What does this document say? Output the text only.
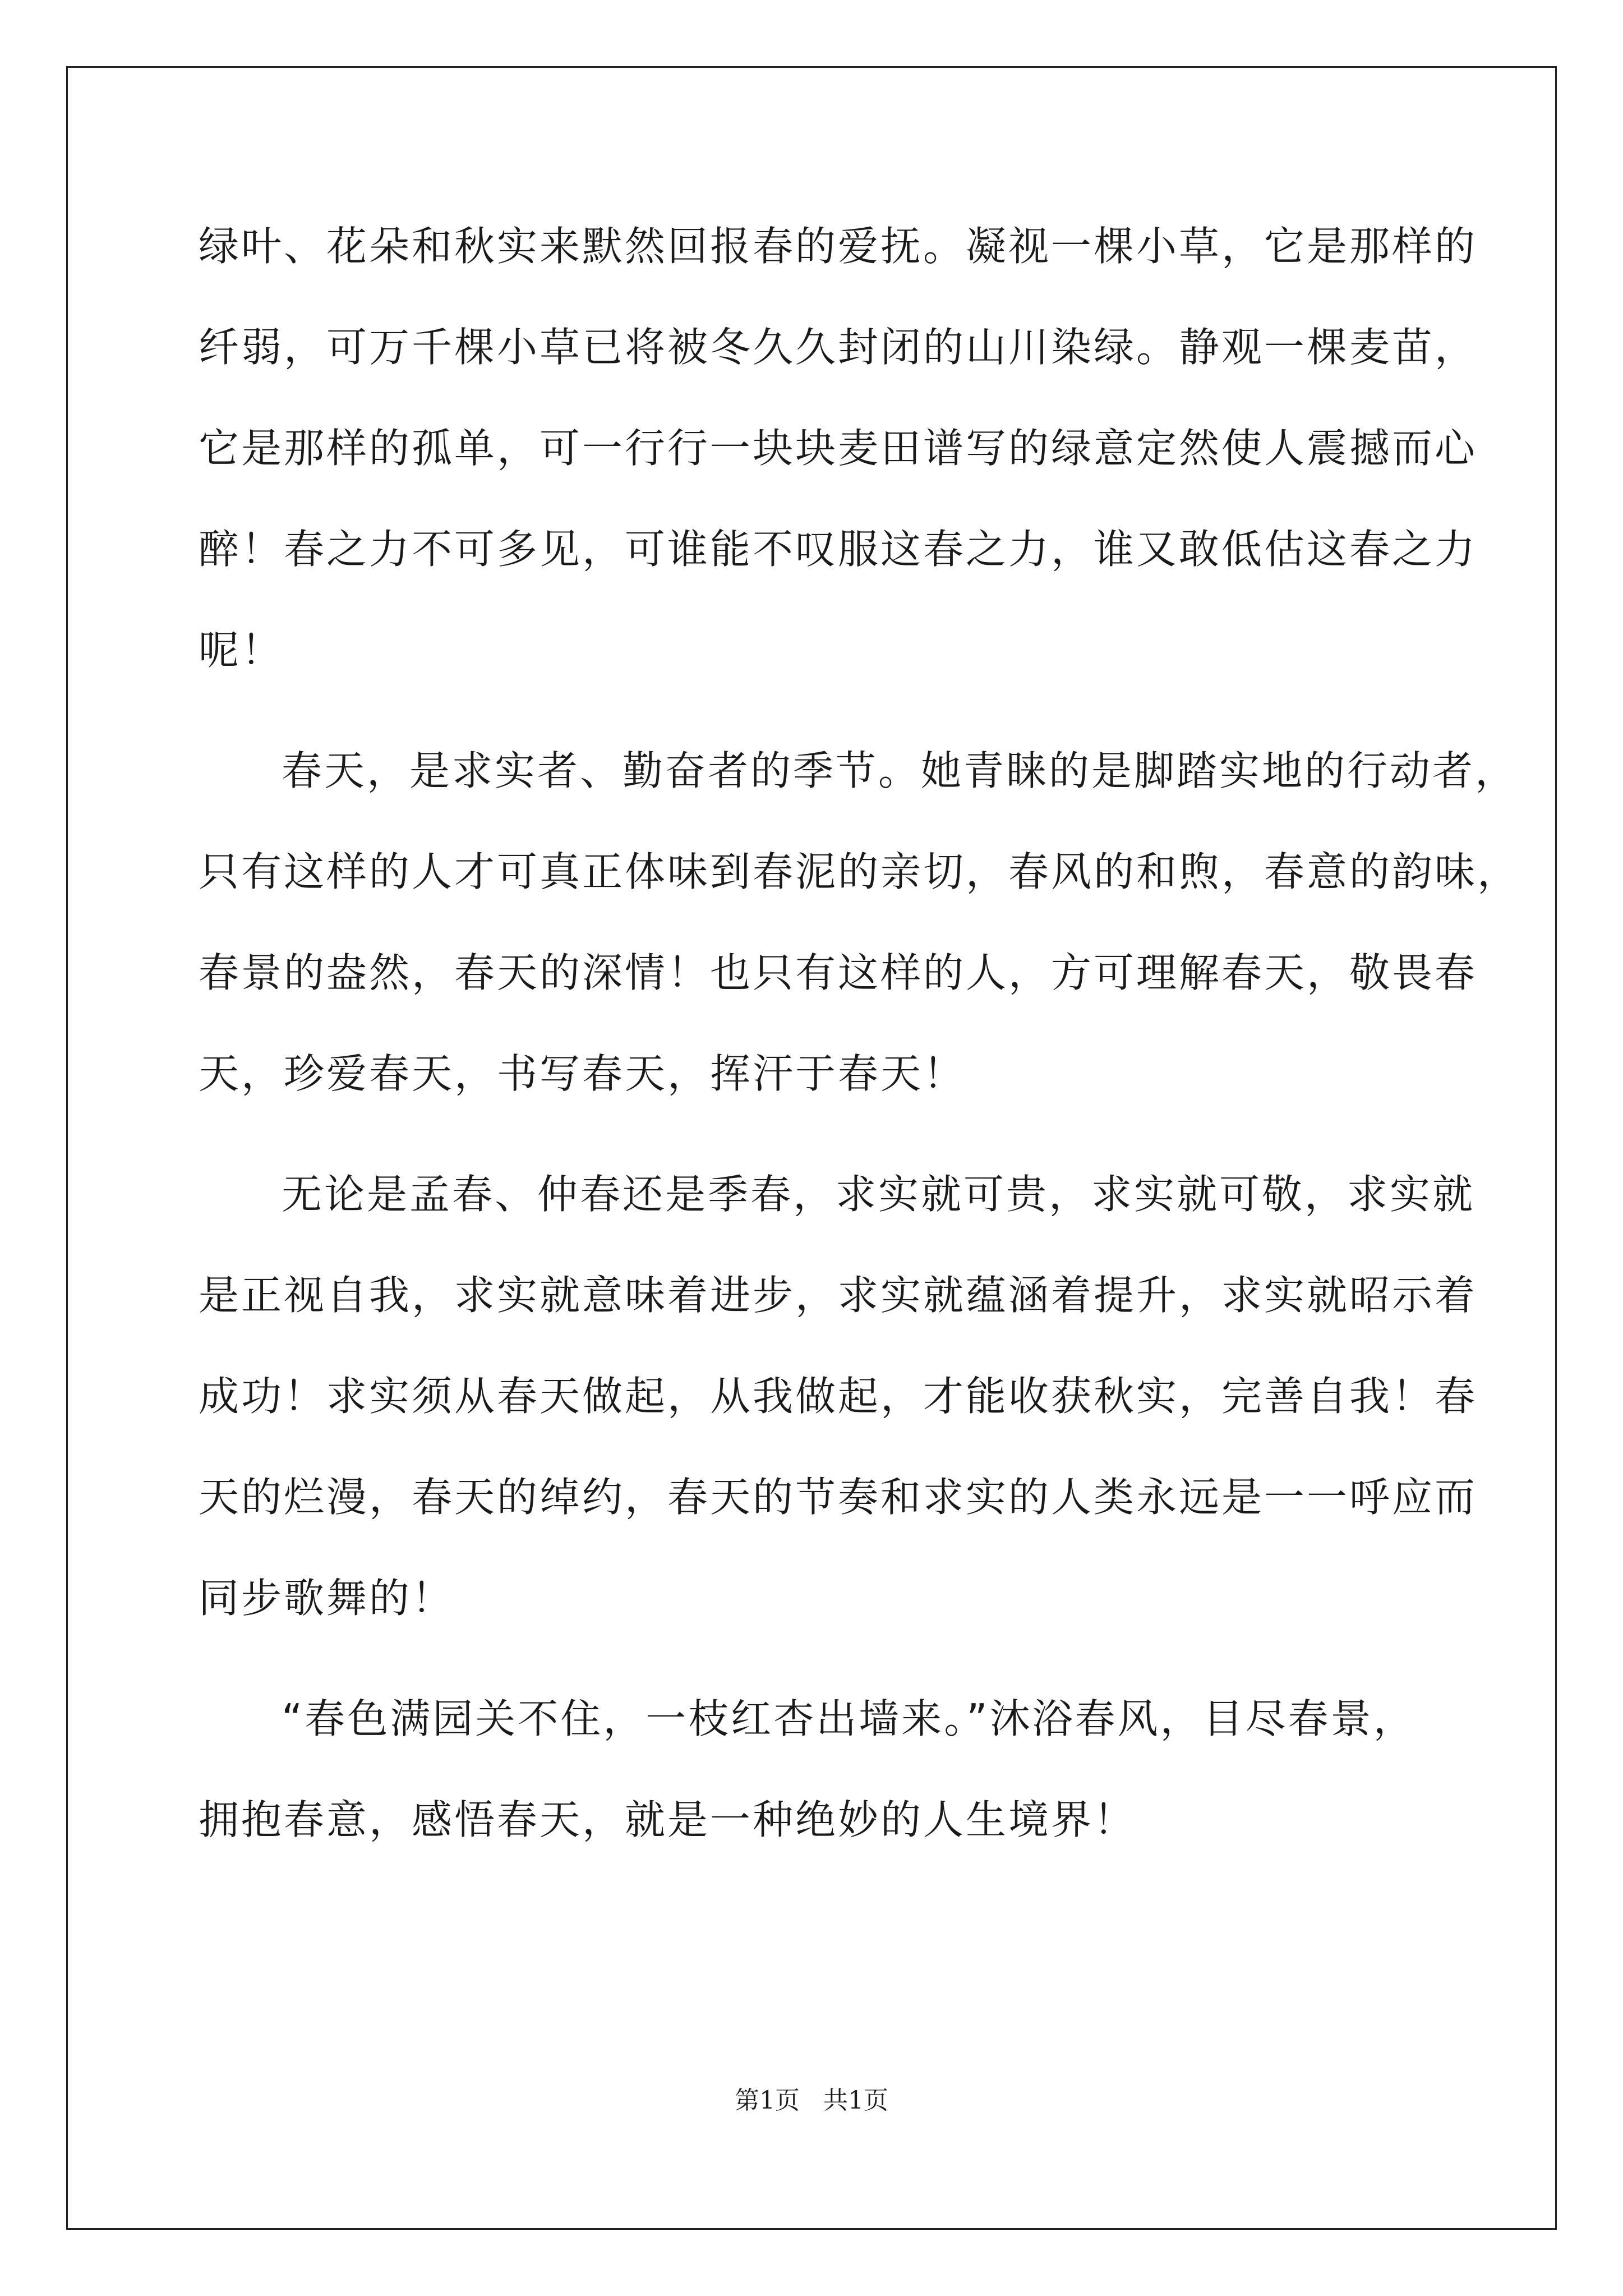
绿叶、花朵和秋实来默然回报春的爱抚。凝视一棵小草，它是那样的
纤弱，可万千棵小草已将被冬久久封闭的山川染绿。静观一棵麦苗，
它是那样的孤单，可一行行一块块麦田谱写的绿意定然使人震撼而心
醉！春之力不可多见，可谁能不叹服这春之力，谁又敢低估这春之力
呢！
春天，是求实者、勤奋者的季节。她青睐的是脚踏实地的行动者，
只有这样的人才可真正体味到春泥的亲切，春风的和煦，春意的韵味，
春景的盎然，春天的深情！也只有这样的人，方可理解春天，敬畏春
天，珍爱春天，书写春天，挥汗于春天！
无论是孟春、仲春还是季春，求实就可贵，求实就可敬，求实就
是正视自我，求实就意味着进步，求实就蕴涵着提升，求实就昭示着
成功！求实须从春天做起，从我做起，才能收获秋实，完善自我！春
天的烂漫，春天的绰约，春天的节奏和求实的人类永远是一一呼应而
同步歌舞的！
“春色满园关不住，一枝红杏出墙来。”沐浴春风，目尽春景，
拥抱春意，感悟春天，就是一种绝妙的人生境界！
第1页   共1页
